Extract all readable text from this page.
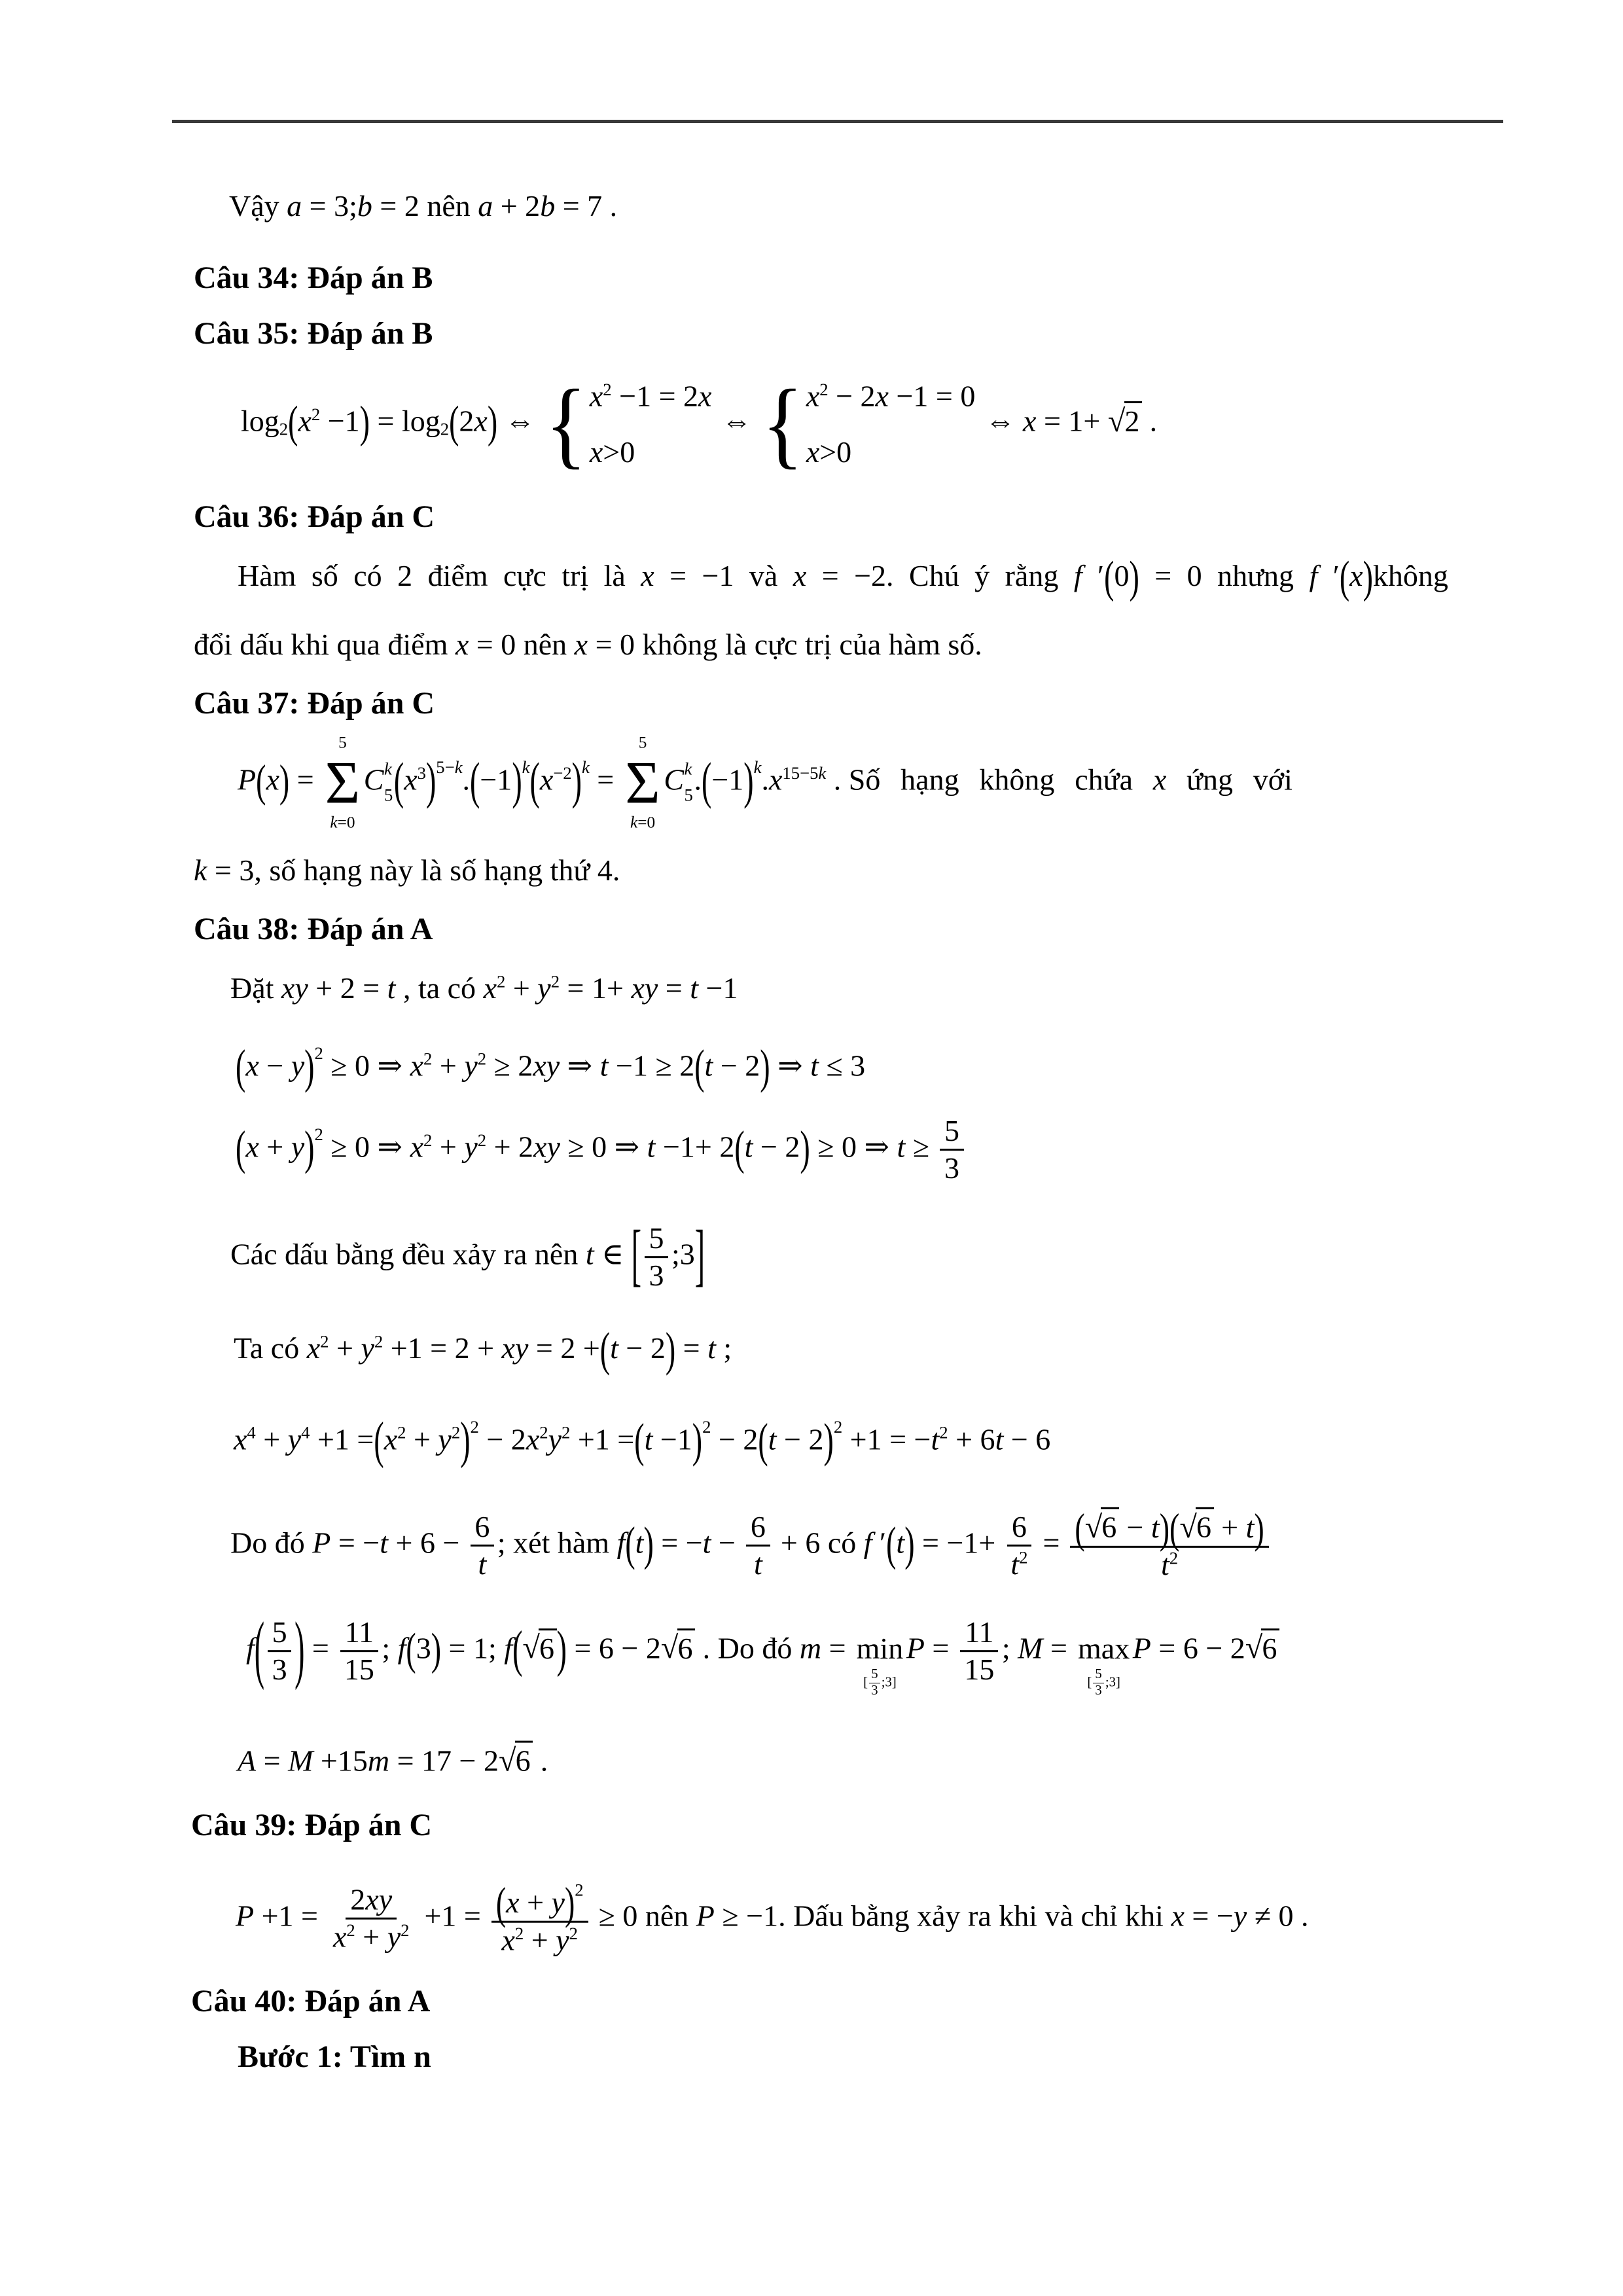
Vậy a = 3;b = 2 nên a + 2b = 7 .
Câu 34: Đáp án B
Câu 35: Đáp án B
$\log 2(x^2 -1) = \log 2(2x)$ ⇔ { $x^2 -1 = 2x$
x>0
⇔ { $x^2 - 2x -1 = 0$
x>0
⇔ x = 1+ √2 .
Câu 36: Đáp án C
Hàm số có 2 điểm cực trị là x = −1 và x = −2. Chú ý rằng f ′(0) = 0 nhưng f ′(x)không
đổi dấu khi qua điểm x = 0 nên x = 0 không là cực trị của hàm số.
Câu 37: Đáp án C
P(x) =
5
Σ
k=0
C k
5 $(x^3)^{5-k}.(-1)^k(x^{-2})^k$ =
5
Σ
k=0
C k
5 $.(-1)^k.x^{15-5k}$ . Số hạng không chứa x ứng với
k = 3, số hạng này là số hạng thứ 4.
Câu 38: Đáp án A
Đặt xy + 2 = t , ta có $x^2 + y^2 = 1+$ xy = t −1
$(x - y)^2 \ge 0$ ⇒ $x^2 + y^2 \ge 2xy$ ⇒ t −1 ≥ 2(t − 2) ⇒ t ≤ 3
$(x + y)^2 \ge 0$ ⇒ $x^2 + y^2 + 2xy \ge 0$ ⇒ t −1+ 2(t − 2) ≥ 0 ⇒ $t \ge \frac{5}{3}$
Các dấu bằng đều xảy ra nên t ∈ [ $\frac{5}{3}$ ;3]
Ta có $x^2 + y^2 +1 = 2$ + xy = 2 +(t − 2) = t ;
$x^4 + y^4 +1 =(x^2 + y^2)^2 - 2x^2y^2 +1 =(t -1)^2 - 2(t - 2)^2 +1 = -t^2 + 6t - 6$
Do đó $P = -t + 6 - \frac{6}{t}$ ; xét hàm $f(t) = -t - \frac{6}{t} + 6$ có f $'(t) = -1+ \frac{6}{t^2} = \frac{(√6 - t)(√6 + t)}{t^2}$
$f( \frac{5}{3}$ ) = $\frac{11}{15}$ ; f(3) = 1; f(√6) = 6 − 2√6 . Do đó m = min
[ $\frac{5}{3}$ ;3]
$P = \frac{11}{15}$ ; M = max
[ $\frac{5}{3}$ ;3]
P = 6 − 2√6
A = M +15m = 17 − 2√6 .
Câu 39: Đáp án C
$P +1 = \frac{2xy}{x^2 + y^2} +1 = \frac{(x + y)^2}{x^2 + y^2} \ge 0$ nên P ≥ −1. Dấu bằng xảy ra khi và chỉ khi x = −y ≠ 0 .
Câu 40: Đáp án A
Bước 1: Tìm n
